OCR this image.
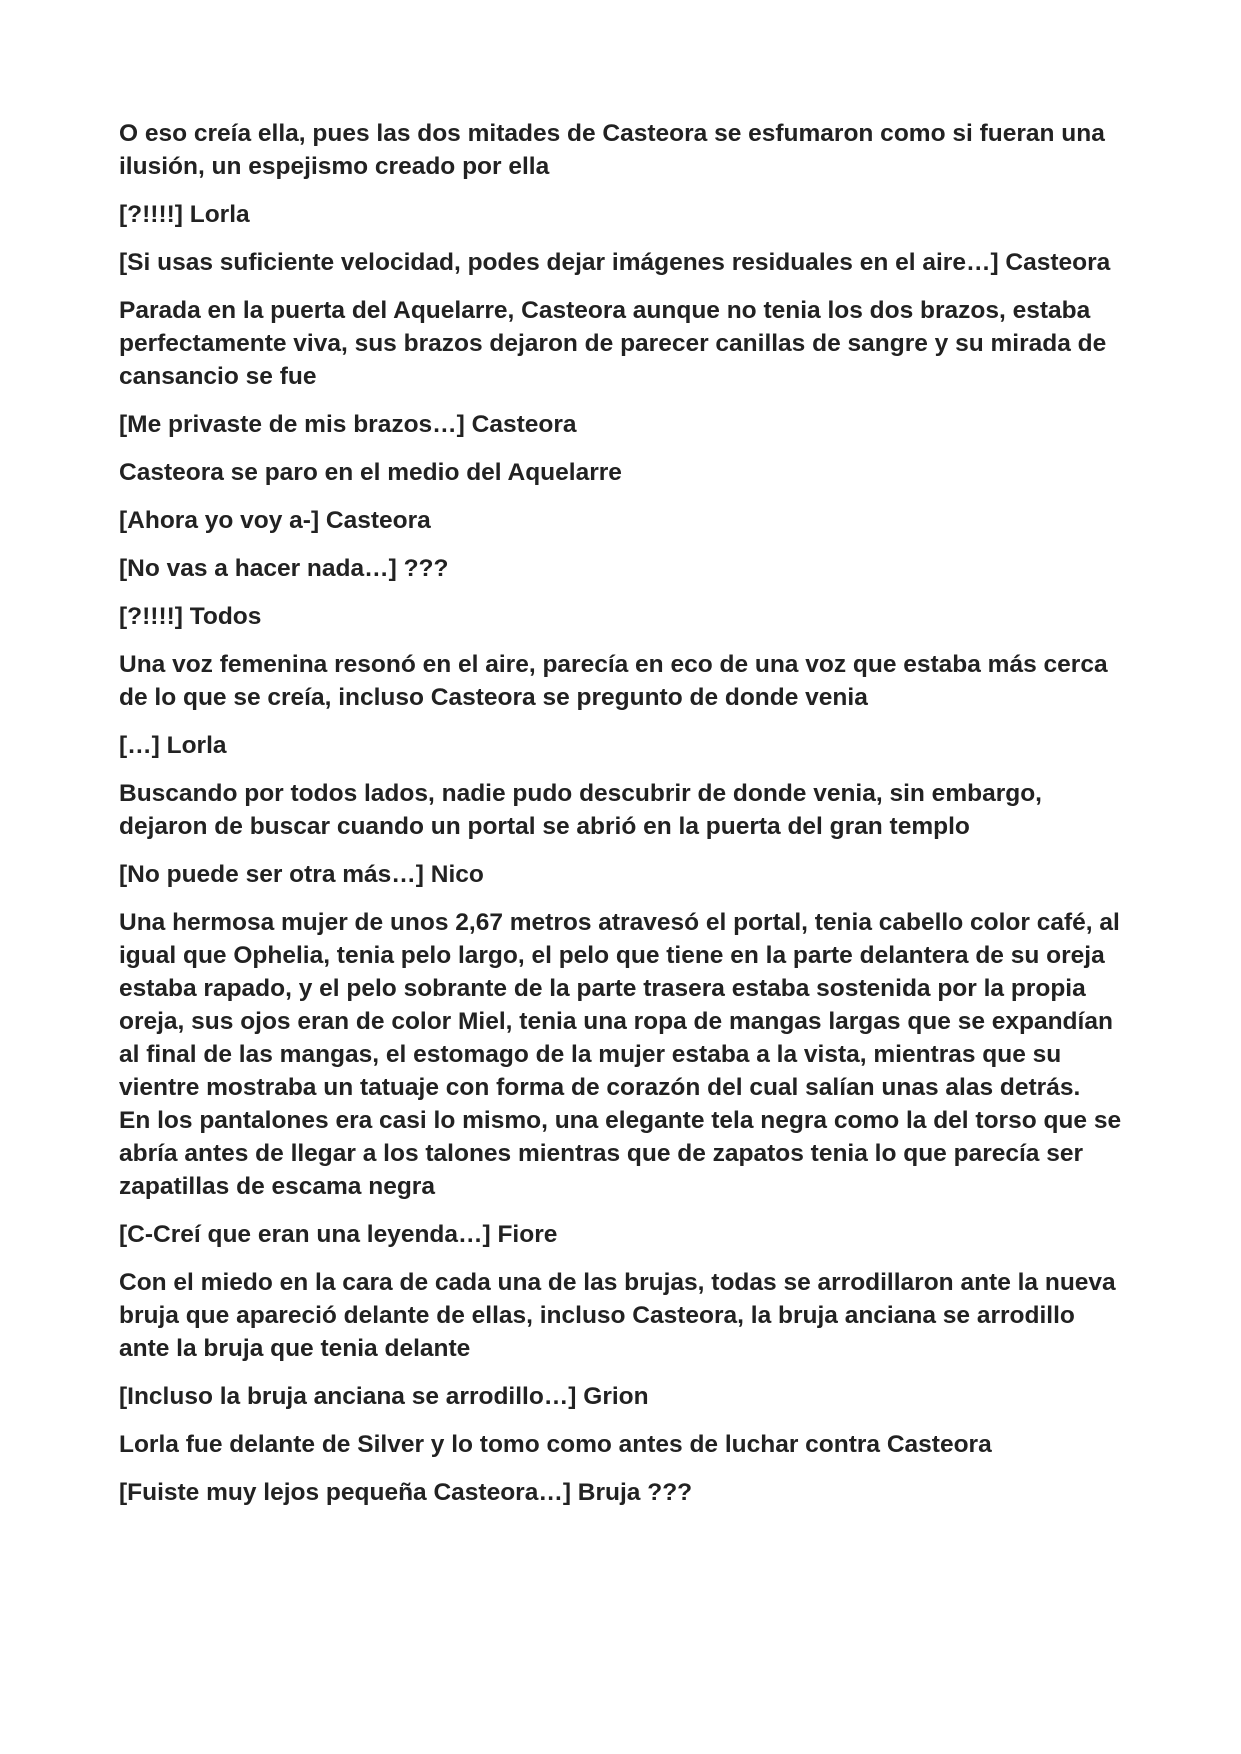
O eso creía ella, pues las dos mitades de Casteora se esfumaron como si fueran una ilusión, un espejismo creado por ella

[?!!!!] Lorla

[Si usas suficiente velocidad, podes dejar imágenes residuales en el aire…] Casteora

Parada en la puerta del Aquelarre, Casteora aunque no tenia los dos brazos, estaba perfectamente viva, sus brazos dejaron de parecer canillas de sangre y su mirada de cansancio se fue

[Me privaste de mis brazos…] Casteora

Casteora se paro en el medio del Aquelarre

[Ahora yo voy a-] Casteora

[No vas a hacer nada…] ???

[?!!!!] Todos

Una voz femenina resonó en el aire, parecía en eco de una voz que estaba más cerca de lo que se creía, incluso Casteora se pregunto de donde venia

[…] Lorla

Buscando por todos lados, nadie pudo descubrir de donde venia, sin embargo, dejaron de buscar cuando un portal se abrió en la puerta del gran templo

[No puede ser otra más…] Nico

Una hermosa mujer de unos 2,67 metros atravesó el portal, tenia cabello color café, al igual que Ophelia, tenia pelo largo, el pelo que tiene en la parte delantera de su oreja estaba rapado, y el pelo sobrante de la parte trasera estaba sostenida por la propia oreja, sus ojos eran de color Miel, tenia una ropa de mangas largas que se expandían al final de las mangas, el estomago de la mujer estaba a la vista, mientras que su vientre mostraba un tatuaje con forma de corazón del cual salían unas alas detrás.
En los pantalones era casi lo mismo, una elegante tela negra como la del torso que se abría antes de llegar a los talones mientras que de zapatos tenia lo que parecía ser zapatillas de escama negra

[C-Creí que eran una leyenda…] Fiore

Con el miedo en la cara de cada una de las brujas, todas se arrodillaron ante la nueva bruja que apareció delante de ellas, incluso Casteora, la bruja anciana se arrodillo ante la bruja que tenia delante

[Incluso la bruja anciana se arrodillo…] Grion

Lorla fue delante de Silver y lo tomo como antes de luchar contra Casteora

[Fuiste muy lejos pequeña Casteora…] Bruja ???
